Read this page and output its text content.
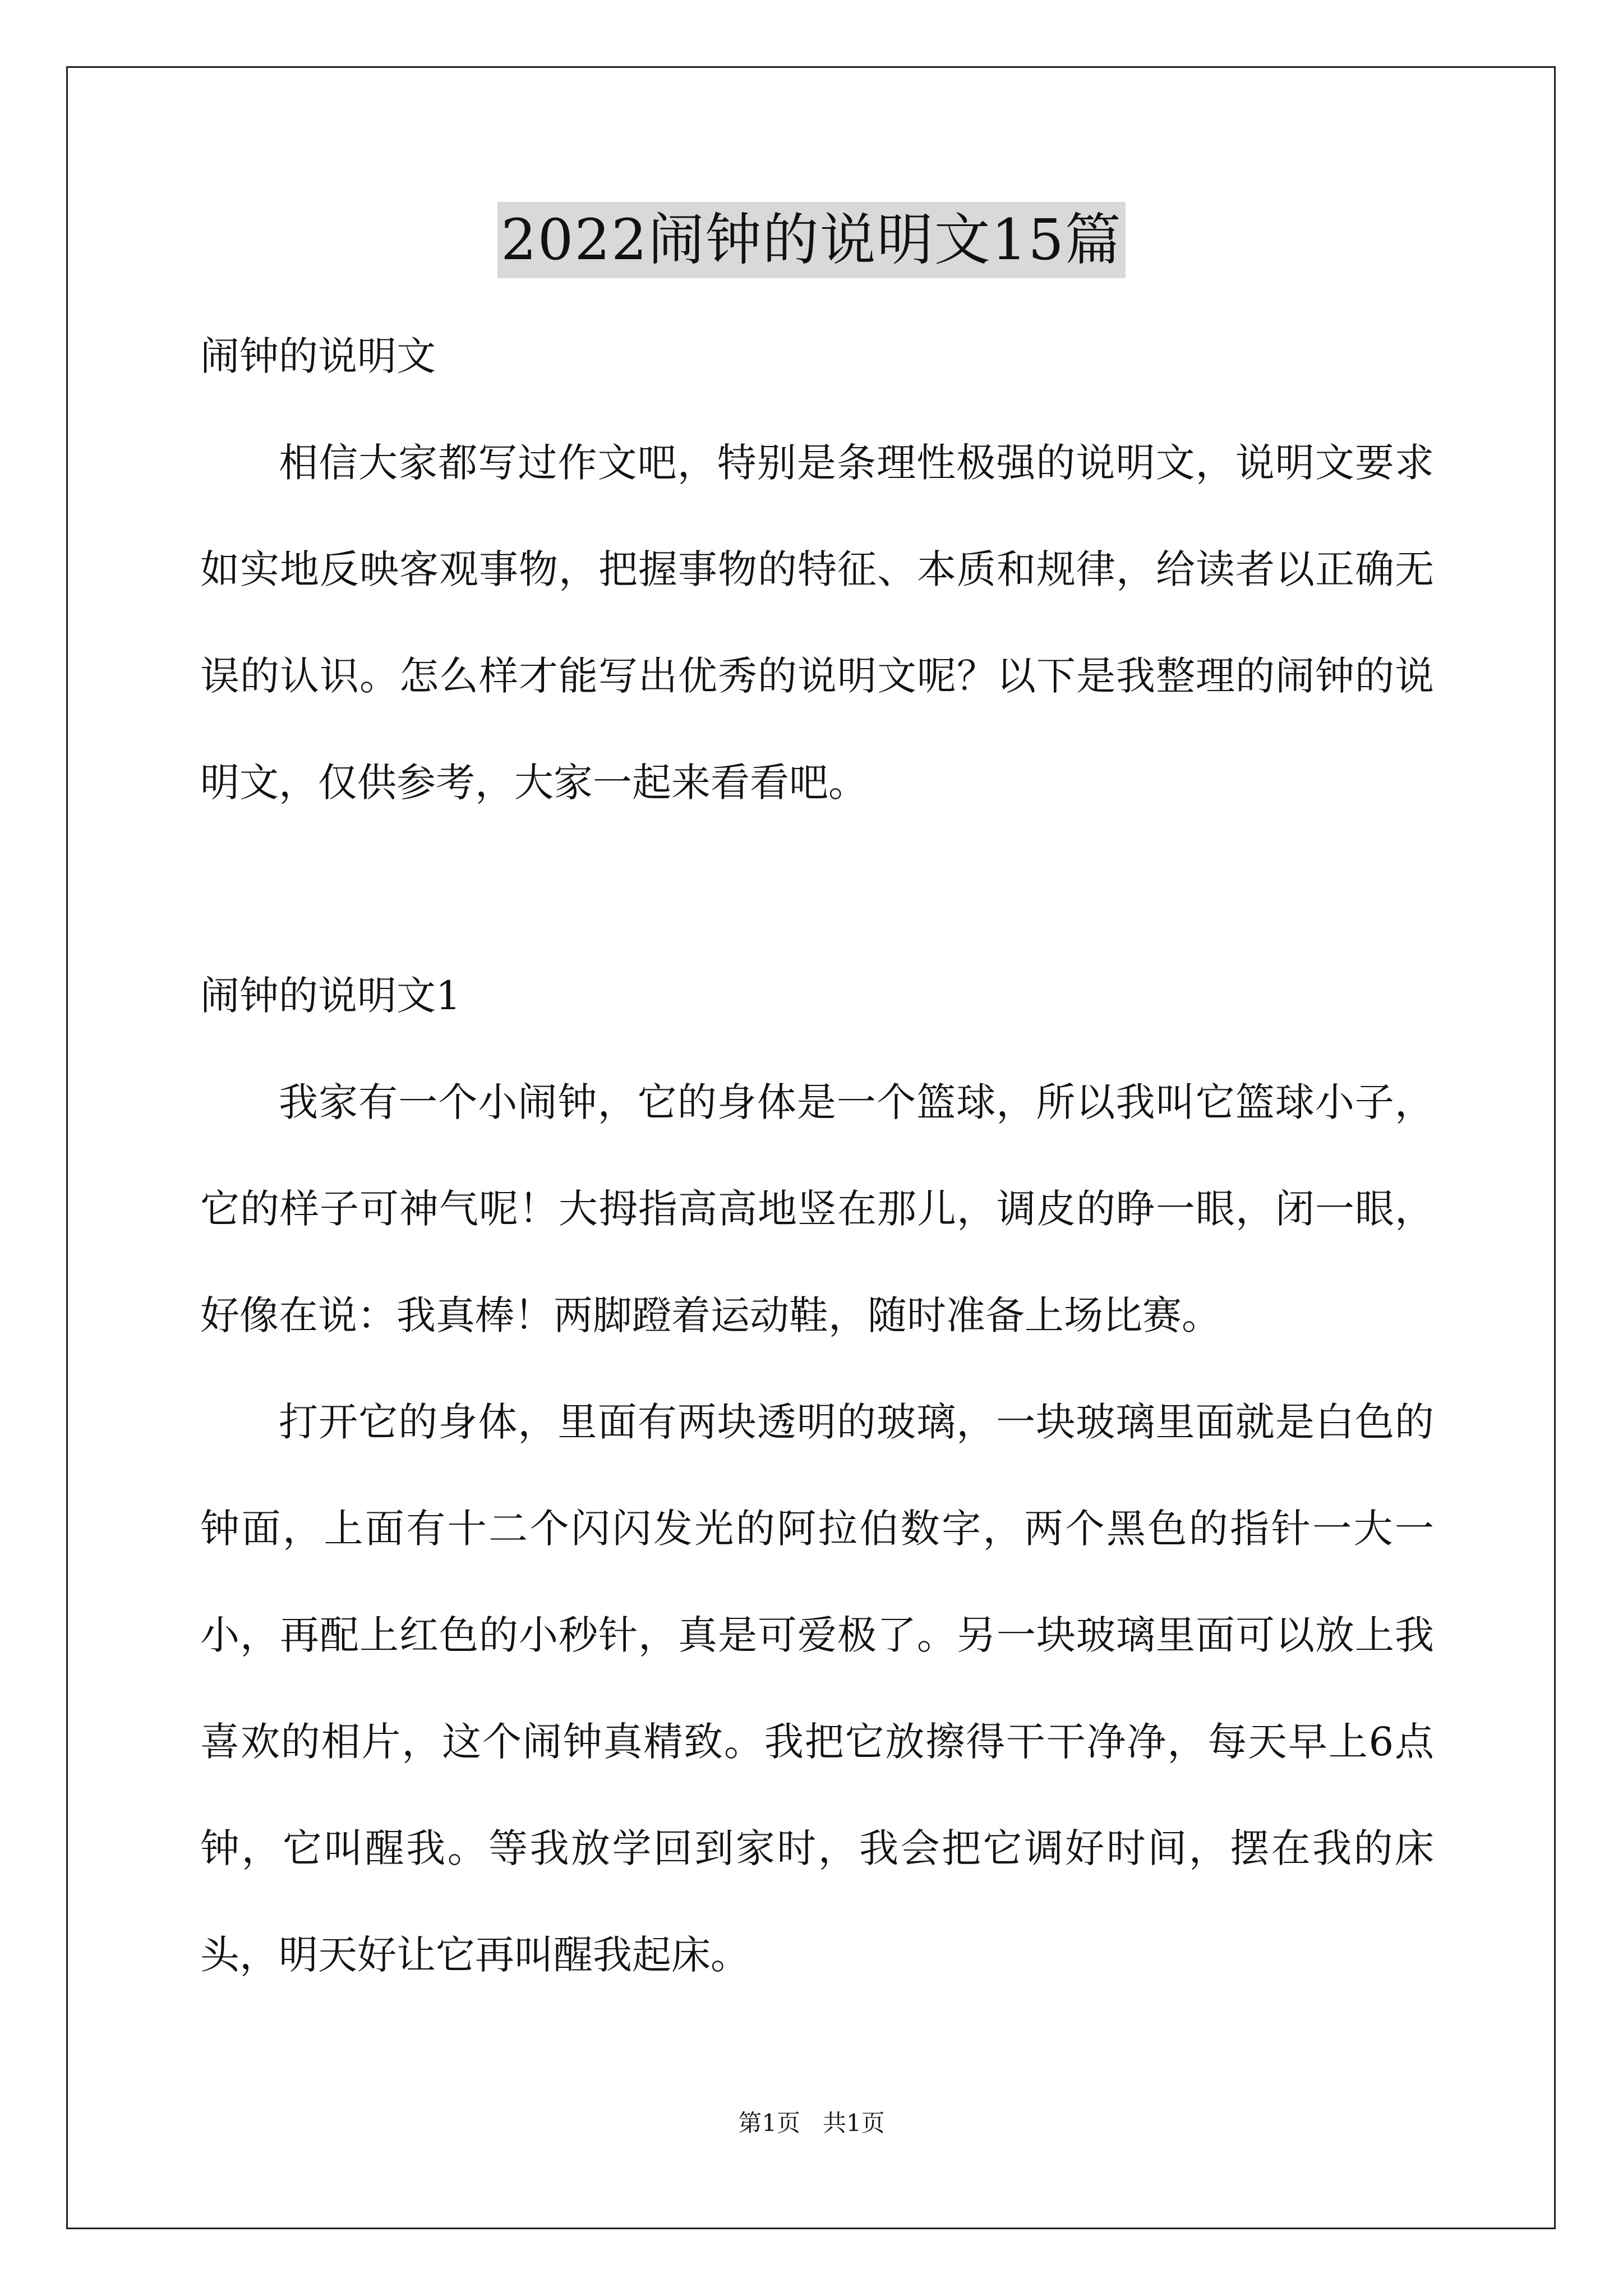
2022闹钟的说明文15篇
闹钟的说明文

相信大家都写过作文吧，特别是条理性极强的说明文，说明文要求如实地反映客观事物，把握事物的特征、本质和规律，给读者以正确无误的认识。怎么样才能写出优秀的说明文呢？以下是我整理的闹钟的说明文，仅供参考，大家一起来看看吧。

闹钟的说明文1

我家有一个小闹钟，它的身体是一个篮球，所以我叫它篮球小子，它的样子可神气呢！大拇指高高地竖在那儿，调皮的睁一眼，闭一眼，好像在说：我真棒！两脚蹬着运动鞋，随时准备上场比赛。

打开它的身体，里面有两块透明的玻璃，一块玻璃里面就是白色的钟面，上面有十二个闪闪发光的阿拉伯数字，两个黑色的指针一大一小，再配上红色的小秒针，真是可爱极了。另一块玻璃里面可以放上我喜欢的相片，这个闹钟真精致。我把它放擦得干干净净，每天早上6点钟，它叫醒我。等我放学回到家时，我会把它调好时间，摆在我的床头，明天好让它再叫醒我起床。

第1页   共1页
